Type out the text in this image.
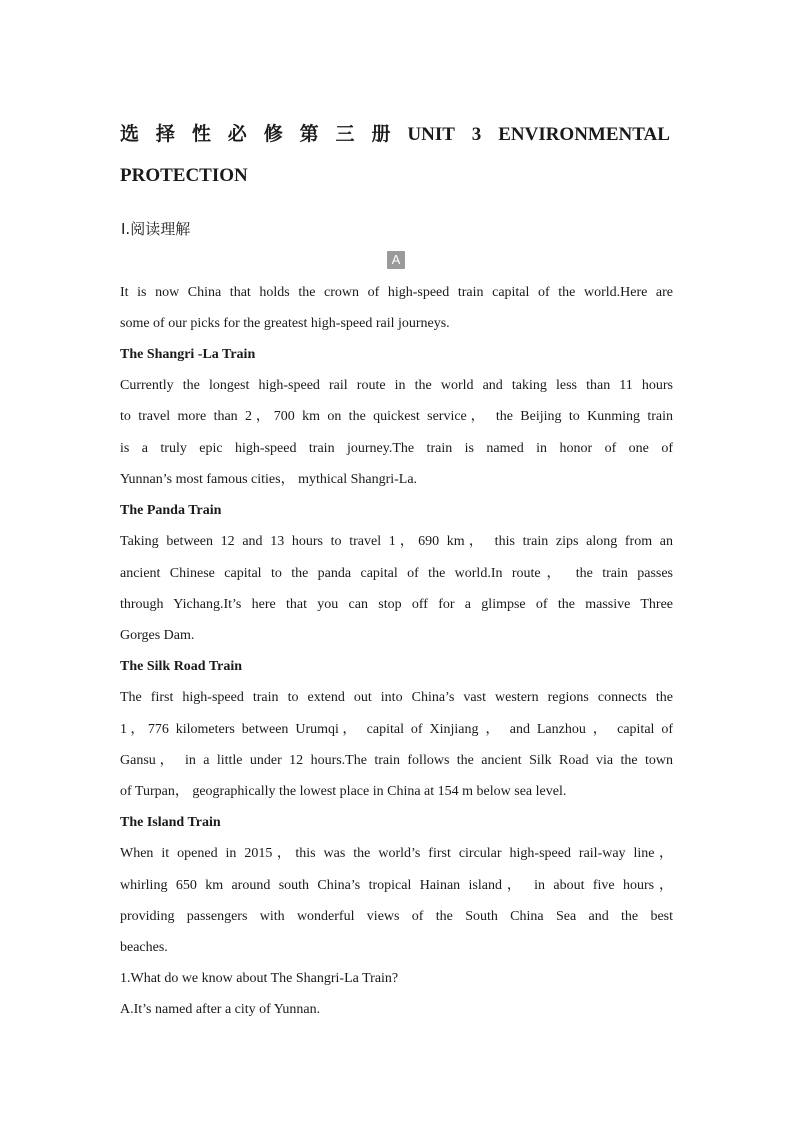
选 择 性 必 修 第 三 册 UNIT 3 ENVIRONMENTAL
PROTECTION
Ⅰ.阅读理解
A
It is now China that holds the crown of high-speed train capital of the world.Here are
some of our picks for the greatest high-speed rail journeys.
The Shangri -La Train
Currently the longest high-speed rail route in the world and taking less than 11 hours
to travel more than 2，700 km on the quickest service， the Beijing to Kunming train
is a truly epic high-speed train journey.The train is named in honor of one of
Yunnan’s most famous cities， mythical Shangri-La.
The Panda Train
Taking between 12 and 13 hours to travel 1，690 km， this train zips along from an
ancient Chinese capital to the panda capital of the world.In route， the train passes
through Yichang.It’s here that you can stop off for a glimpse of the massive Three
Gorges Dam.
The Silk Road Train
The first high-speed train to extend out into China’s vast western regions connects the
1，776 kilometers between Urumqi， capital of Xinjiang ， and Lanzhou ， capital of
Gansu， in a little under 12 hours.The train follows the ancient Silk Road via the town
of Turpan， geographically the lowest place in China at 154 m below sea level.
The Island Train
When it opened in 2015，this was the world’s first circular high-speed rail-way line，
whirling 650 km around south China’s tropical Hainan island， in about five hours，
providing passengers with wonderful views of the South China Sea and the best
beaches.
1.What do we know about The Shangri-La Train?
A.It’s named after a city of Yunnan.
